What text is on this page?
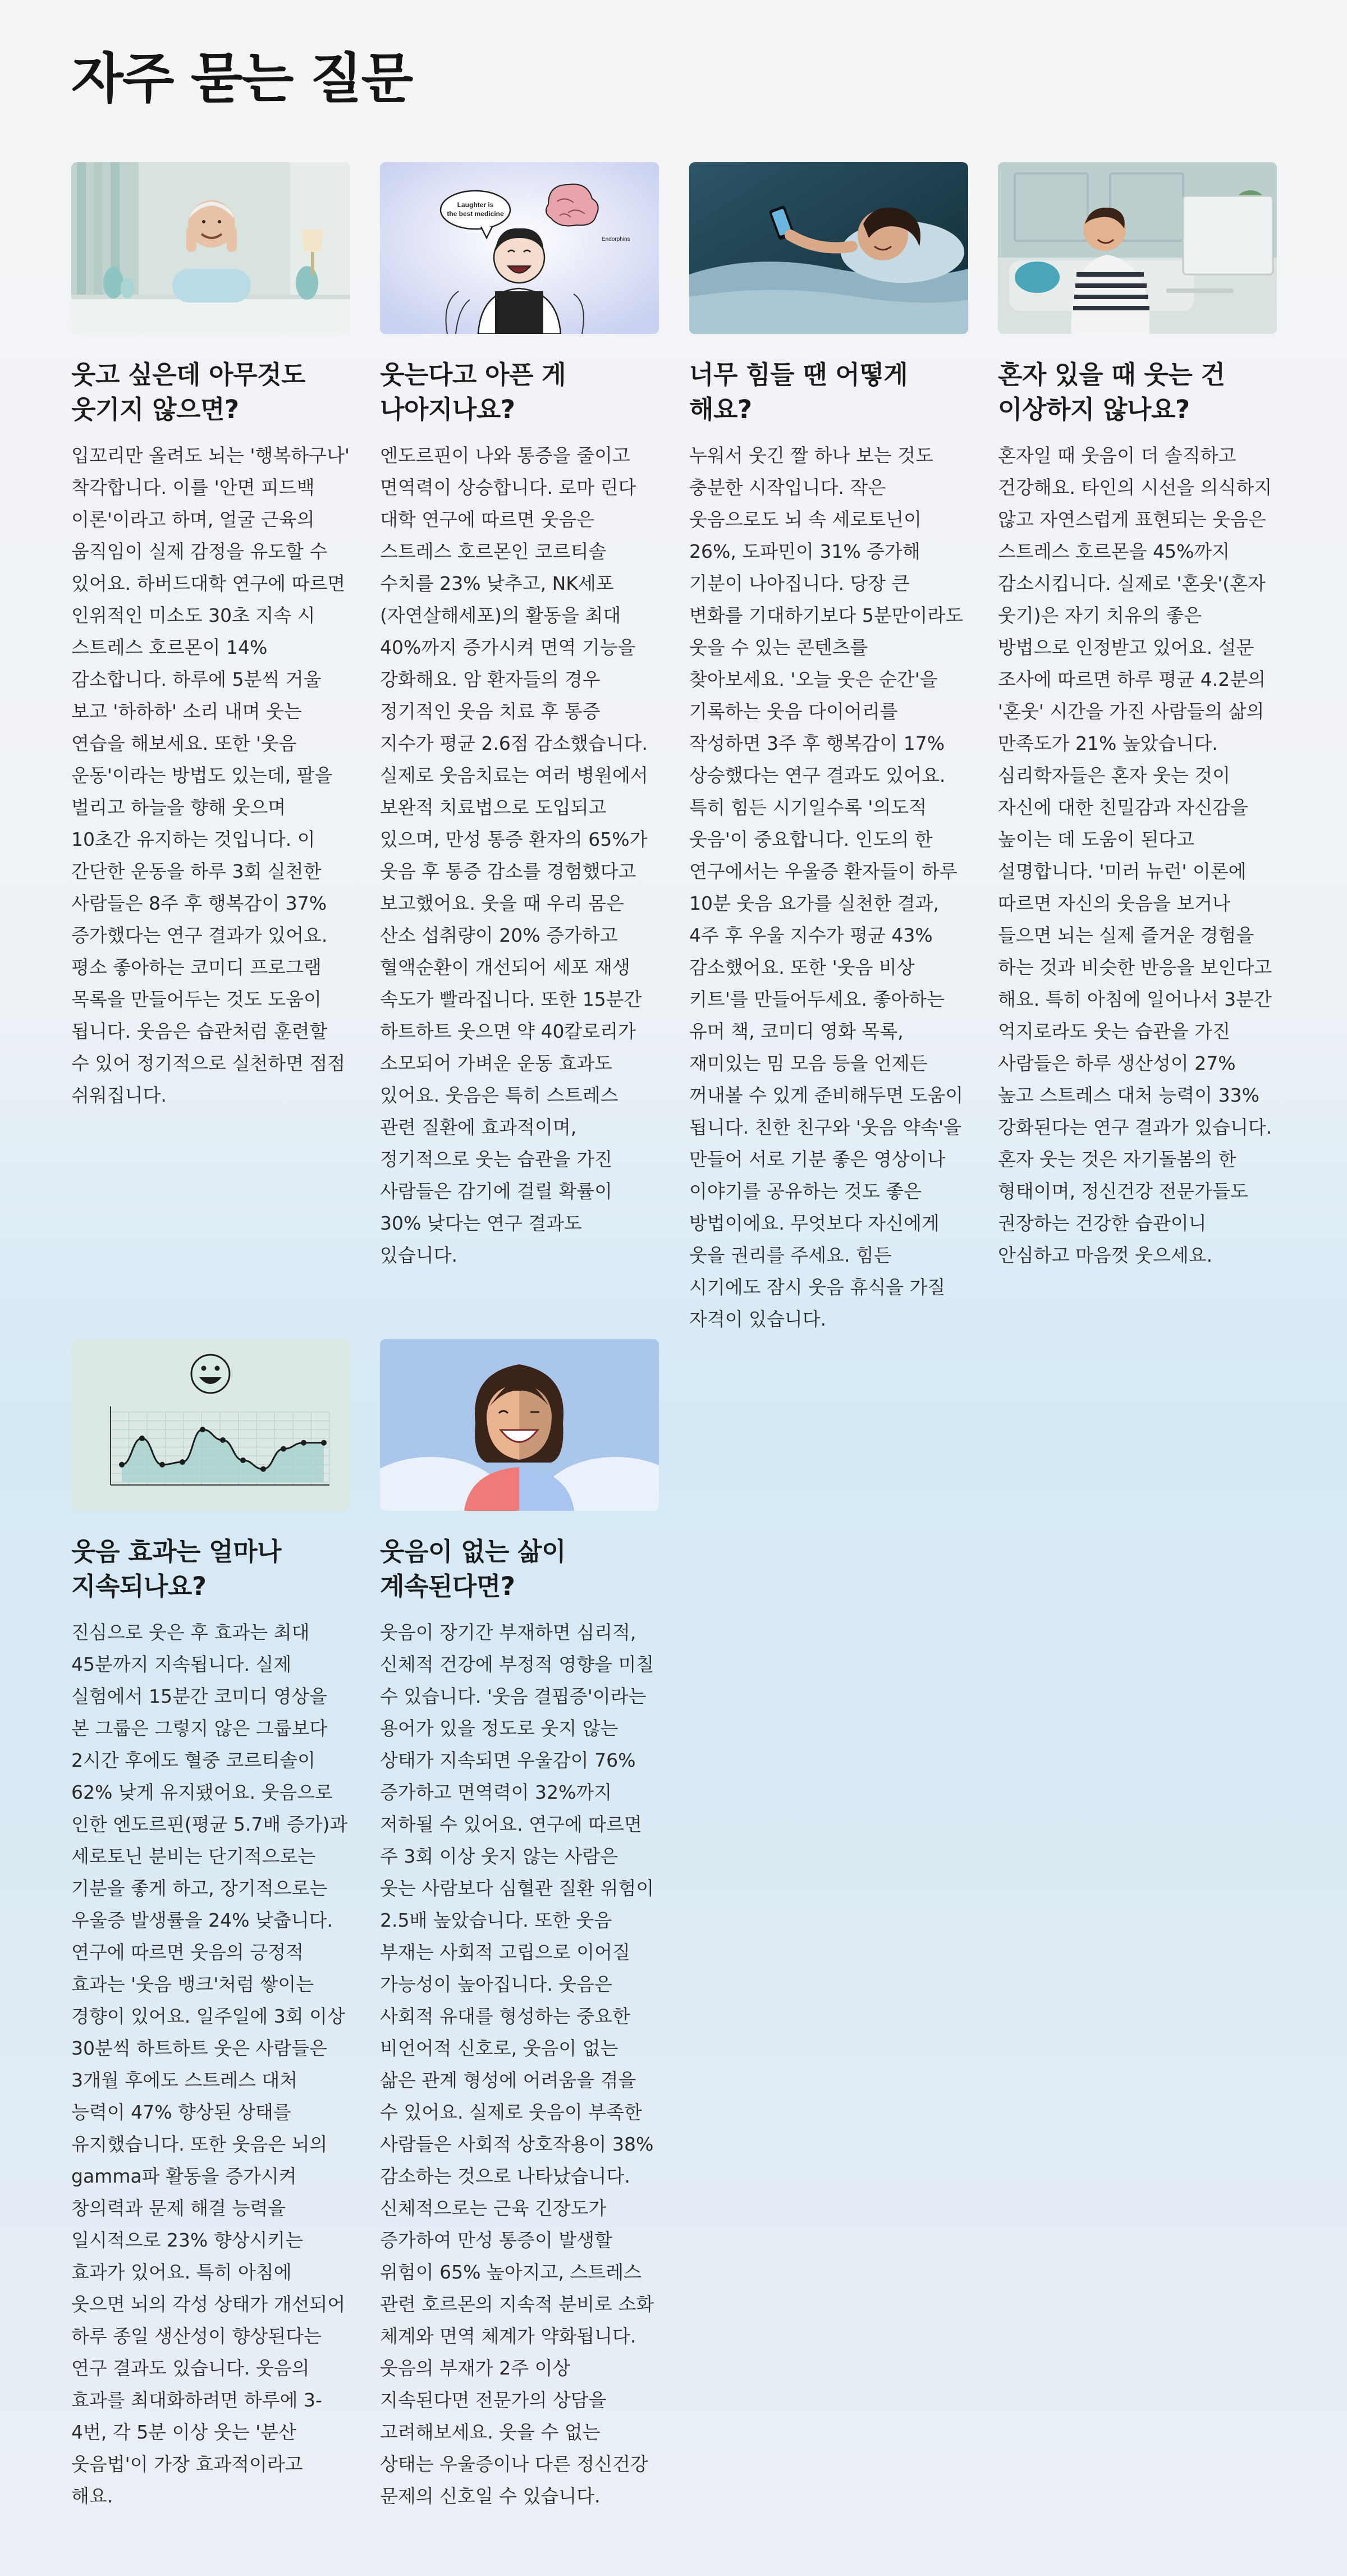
자주 묻는 질문
웃고 싶은데 아무것도 웃기지 않으면?

입꼬리만 올려도 뇌는 '행복하구나' 착각합니다. 이를 '안면 피드백 이론'이라고 하며, 얼굴 근육의 움직임이 실제 감정을 유도할 수 있어요. 하버드대학 연구에 따르면 인위적인 미소도 30초 지속 시 스트레스 호르몬이 14% 감소합니다. 하루에 5분씩 거울 보고 '하하하' 소리 내며 웃는 연습을 해보세요. 또한 '웃음 운동'이라는 방법도 있는데, 팔을 벌리고 하늘을 향해 웃으며 10초간 유지하는 것입니다. 이 간단한 운동을 하루 3회 실천한 사람들은 8주 후 행복감이 37% 증가했다는 연구 결과가 있어요. 평소 좋아하는 코미디 프로그램 목록을 만들어두는 것도 도움이 됩니다. 웃음은 습관처럼 훈련할 수 있어 정기적으로 실천하면 점점 쉬워집니다.

Laughter is
the best medicine
Endorphins
웃는다고 아픈 게 나아지나요?

엔도르핀이 나와 통증을 줄이고 면역력이 상승합니다. 로마 린다 대학 연구에 따르면 웃음은 스트레스 호르몬인 코르티솔 수치를 23% 낮추고, NK세포(자연살해세포)의 활동을 최대 40%까지 증가시켜 면역 기능을 강화해요. 암 환자들의 경우 정기적인 웃음 치료 후 통증 지수가 평균 2.6점 감소했습니다. 실제로 웃음치료는 여러 병원에서 보완적 치료법으로 도입되고 있으며, 만성 통증 환자의 65%가 웃음 후 통증 감소를 경험했다고 보고했어요. 웃을 때 우리 몸은 산소 섭취량이 20% 증가하고 혈액순환이 개선되어 세포 재생 속도가 빨라집니다. 또한 15분간 하트하트 웃으면 약 40칼로리가 소모되어 가벼운 운동 효과도 있어요. 웃음은 특히 스트레스 관련 질환에 효과적이며, 정기적으로 웃는 습관을 가진 사람들은 감기에 걸릴 확률이 30% 낮다는 연구 결과도 있습니다.

너무 힘들 땐 어떻게 해요?

누워서 웃긴 짤 하나 보는 것도 충분한 시작입니다. 작은 웃음으로도 뇌 속 세로토닌이 26%, 도파민이 31% 증가해 기분이 나아집니다. 당장 큰 변화를 기대하기보다 5분만이라도 웃을 수 있는 콘텐츠를 찾아보세요. '오늘 웃은 순간'을 기록하는 웃음 다이어리를 작성하면 3주 후 행복감이 17% 상승했다는 연구 결과도 있어요. 특히 힘든 시기일수록 '의도적 웃음'이 중요합니다. 인도의 한 연구에서는 우울증 환자들이 하루 10분 웃음 요가를 실천한 결과, 4주 후 우울 지수가 평균 43% 감소했어요. 또한 '웃음 비상 키트'를 만들어두세요. 좋아하는 유머 책, 코미디 영화 목록, 재미있는 밈 모음 등을 언제든 꺼내볼 수 있게 준비해두면 도움이 됩니다. 친한 친구와 '웃음 약속'을 만들어 서로 기분 좋은 영상이나 이야기를 공유하는 것도 좋은 방법이에요. 무엇보다 자신에게 웃을 권리를 주세요. 힘든 시기에도 잠시 웃음 휴식을 가질 자격이 있습니다.

혼자 있을 때 웃는 건 이상하지 않나요?

혼자일 때 웃음이 더 솔직하고 건강해요. 타인의 시선을 의식하지 않고 자연스럽게 표현되는 웃음은 스트레스 호르몬을 45%까지 감소시킵니다. 실제로 '혼웃'(혼자 웃기)은 자기 치유의 좋은 방법으로 인정받고 있어요. 설문 조사에 따르면 하루 평균 4.2분의 '혼웃' 시간을 가진 사람들의 삶의 만족도가 21% 높았습니다. 심리학자들은 혼자 웃는 것이 자신에 대한 친밀감과 자신감을 높이는 데 도움이 된다고 설명합니다. '미러 뉴런' 이론에 따르면 자신의 웃음을 보거나 들으면 뇌는 실제 즐거운 경험을 하는 것과 비슷한 반응을 보인다고 해요. 특히 아침에 일어나서 3분간 억지로라도 웃는 습관을 가진 사람들은 하루 생산성이 27% 높고 스트레스 대처 능력이 33% 강화된다는 연구 결과가 있습니다. 혼자 웃는 것은 자기돌봄의 한 형태이며, 정신건강 전문가들도 권장하는 건강한 습관이니 안심하고 마음껏 웃으세요.

웃음 효과는 얼마나 지속되나요?

진심으로 웃은 후 효과는 최대 45분까지 지속됩니다. 실제 실험에서 15분간 코미디 영상을 본 그룹은 그렇지 않은 그룹보다 2시간 후에도 혈중 코르티솔이 62% 낮게 유지됐어요. 웃음으로 인한 엔도르핀(평균 5.7배 증가)과 세로토닌 분비는 단기적으로는 기분을 좋게 하고, 장기적으로는 우울증 발생률을 24% 낮춥니다. 연구에 따르면 웃음의 긍정적 효과는 '웃음 뱅크'처럼 쌓이는 경향이 있어요. 일주일에 3회 이상 30분씩 하트하트 웃은 사람들은 3개월 후에도 스트레스 대처 능력이 47% 향상된 상태를 유지했습니다. 또한 웃음은 뇌의 gamma파 활동을 증가시켜 창의력과 문제 해결 능력을 일시적으로 23% 향상시키는 효과가 있어요. 특히 아침에 웃으면 뇌의 각성 상태가 개선되어 하루 종일 생산성이 향상된다는 연구 결과도 있습니다. 웃음의 효과를 최대화하려면 하루에 3-4번, 각 5분 이상 웃는 '분산 웃음법'이 가장 효과적이라고 해요.

웃음이 없는 삶이 계속된다면?

웃음이 장기간 부재하면 심리적, 신체적 건강에 부정적 영향을 미칠 수 있습니다. '웃음 결핍증'이라는 용어가 있을 정도로 웃지 않는 상태가 지속되면 우울감이 76% 증가하고 면역력이 32%까지 저하될 수 있어요. 연구에 따르면 주 3회 이상 웃지 않는 사람은 웃는 사람보다 심혈관 질환 위험이 2.5배 높았습니다. 또한 웃음 부재는 사회적 고립으로 이어질 가능성이 높아집니다. 웃음은 사회적 유대를 형성하는 중요한 비언어적 신호로, 웃음이 없는 삶은 관계 형성에 어려움을 겪을 수 있어요. 실제로 웃음이 부족한 사람들은 사회적 상호작용이 38% 감소하는 것으로 나타났습니다. 신체적으로는 근육 긴장도가 증가하여 만성 통증이 발생할 위험이 65% 높아지고, 스트레스 관련 호르몬의 지속적 분비로 소화 체계와 면역 체계가 약화됩니다. 웃음의 부재가 2주 이상 지속된다면 전문가의 상담을 고려해보세요. 웃을 수 없는 상태는 우울증이나 다른 정신건강 문제의 신호일 수 있습니다.
